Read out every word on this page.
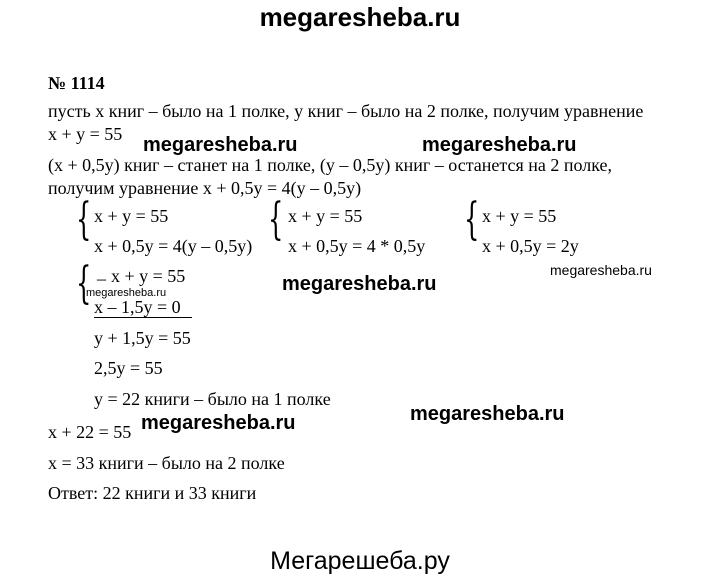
megaresheba.ru
Мегарешеба.ру
megaresheba.ru	megaresheba.ru
megaresheba.ru
megaresheba.ru
megaresheba.ru
megaresheba.ru	megaresheba.ru
№ 1114
пусть x книг – было на 1 полке, y книг – было на 2 полке, получим уравнение
x + y = 55
(x + 0,5y) книг – станет на 1 полке, (y – 0,5y) книг – останется на 2 полке,
получим уравнение x + 0,5y = 4(y – 0,5y)
{ x + y = 55
x + 0,5y = 4(y – 0,5y)
{ x + y = 55
x + 0,5y = 4 * 0,5y
{ x + y = 55
x + 0,5y = 2y
{ _ x + y = 55
x – 1,5y = 0
y + 1,5y = 55
2,5y = 55
y = 22 книги – было на 1 полке
x + 22 = 55
x = 33 книги – было на 2 полке
Ответ: 22 книги и 33 книги
